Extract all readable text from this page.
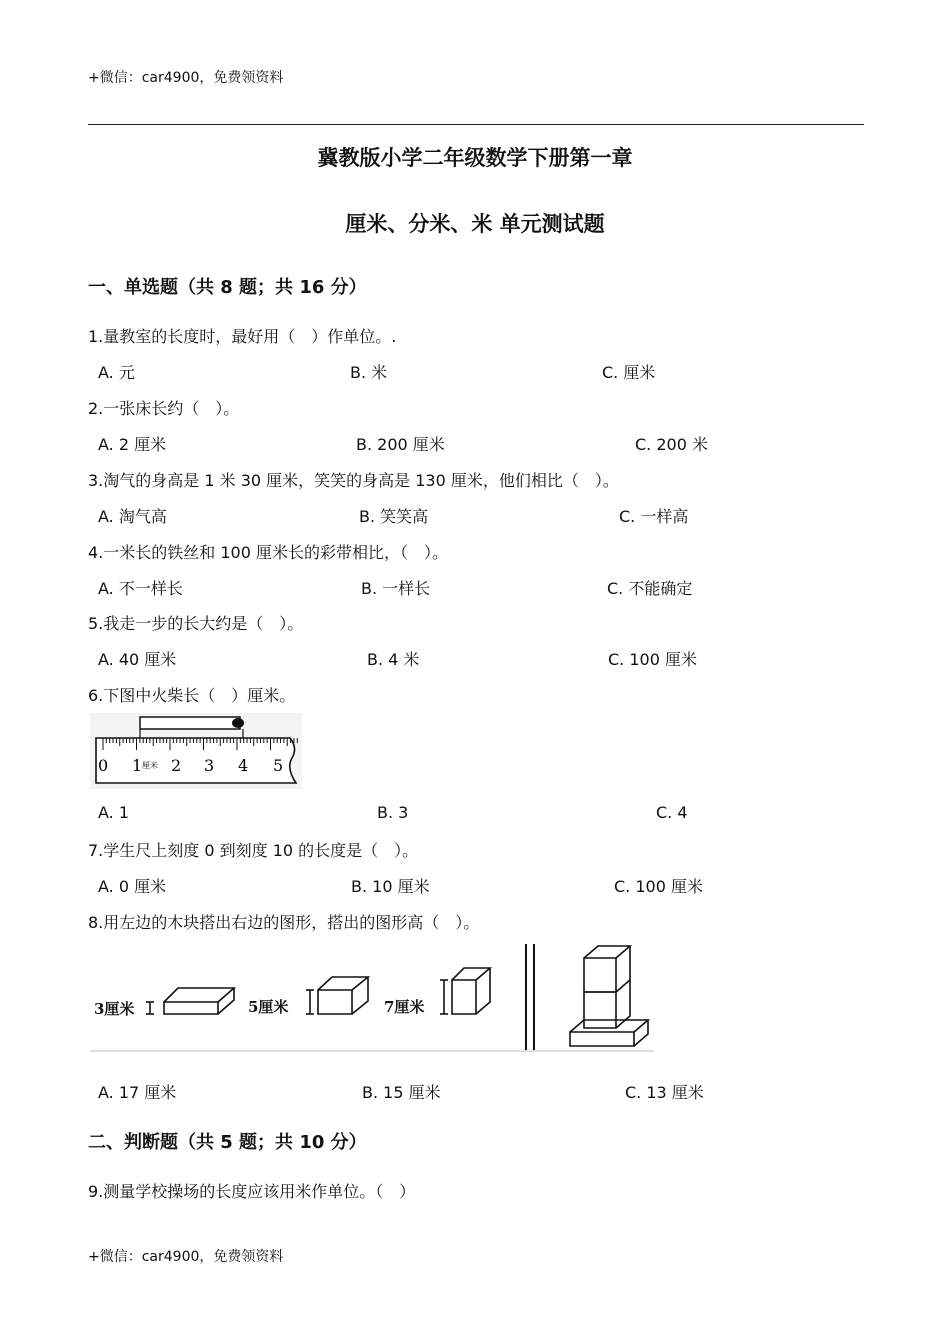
+微信：car4900，免费领资料
冀教版小学二年级数学下册第一章
厘米、分米、米 单元测试题
一、单选题（共 8 题；共 16 分）
1.量教室的长度时，最好用（　）作单位。.
A. 元	B. 米	C. 厘米
2.一张床长约（　）。
A. 2 厘米	B. 200 厘米	C. 200 米
3.淘气的身高是 1 米 30 厘米，笑笑的身高是 130 厘米，他们相比（　）。
A. 淘气高	B. 笑笑高	C. 一样高
4.一米长的铁丝和 100 厘米长的彩带相比，（　）。
A. 不一样长	B. 一样长	C. 不能确定
5.我走一步的长大约是（　）。
A. 40 厘米	B. 4 米	C. 100 厘米
6.下图中火柴长（　）厘米。
0 1 厘米 2 3 4 5
A. 1	B. 3	C. 4
7.学生尺上刻度 0 到刻度 10 的长度是（　）。
A. 0 厘米	B. 10 厘米	C. 100 厘米
8.用左边的木块搭出右边的图形，搭出的图形高（　）。
3厘米	5厘米	7厘米
A. 17 厘米	B. 15 厘米	C. 13 厘米
二、判断题（共 5 题；共 10 分）
9.测量学校操场的长度应该用米作单位。（　）
+微信：car4900，免费领资料
